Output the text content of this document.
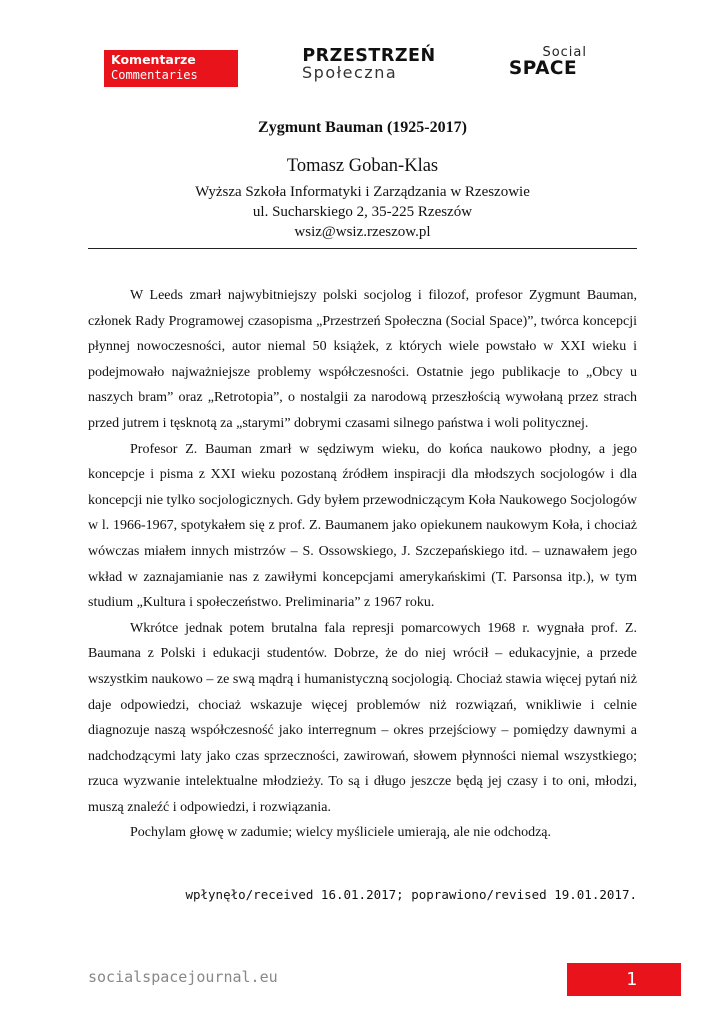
Komentarze
Commentaries
PRZESTRZEŃ
Społeczna
Social
SPACE
Zygmunt Bauman (1925-2017)
Tomasz Goban-Klas
Wyższa Szkoła Informatyki i Zarządzania w Rzeszowie
ul. Sucharskiego 2, 35-225 Rzeszów
wsiz@wsiz.rzeszow.pl

W Leeds zmarł najwybitniejszy polski socjolog i filozof, profesor Zygmunt Bauman, członek Rady Programowej czasopisma „Przestrzeń Społeczna (Social Space)”, twórca koncepcji płynnej nowoczesności, autor niemal 50 książek, z których wiele powstało w XXI wieku i podejmowało najważniejsze problemy współczesności. Ostatnie jego publikacje to „Obcy u naszych bram” oraz „Retrotopia”, o nostalgii za narodową przeszłością wywołaną przez strach przed jutrem i tęsknotą za „starymi” dobrymi czasami silnego państwa i woli politycznej.

Profesor Z. Bauman zmarł w sędziwym wieku, do końca naukowo płodny, a jego koncepcje i pisma z XXI wieku pozostaną źródłem inspiracji dla młodszych socjologów i dla koncepcji nie tylko socjologicznych. Gdy byłem przewodniczącym Koła Naukowego Socjologów w l. 1966-1967, spotykałem się z prof. Z. Baumanem jako opiekunem naukowym Koła, i chociaż wówczas miałem innych mistrzów – S. Ossowskiego, J. Szczepańskiego itd. – uznawałem jego wkład w zaznajamianie nas z zawiłymi koncepcjami amerykańskimi (T. Parsonsa itp.), w tym studium „Kultura i społeczeństwo. Preliminaria” z 1967 roku.

Wkrótce jednak potem brutalna fala represji pomarcowych 1968 r. wygnała prof. Z. Baumana z Polski i edukacji studentów. Dobrze, że do niej wrócił – edukacyjnie, a przede wszystkim naukowo – ze swą mądrą i humanistyczną socjologią. Chociaż stawia więcej pytań niż daje odpowiedzi, chociaż wskazuje więcej problemów niż rozwiązań, wnikliwie i celnie diagnozuje naszą współczesność jako interregnum – okres przejściowy – pomiędzy dawnymi a nadchodzącymi laty jako czas sprzeczności, zawirowań, słowem płynności niemal wszystkiego; rzuca wyzwanie intelektualne młodzieży. To są i długo jeszcze będą jej czasy i to oni, młodzi, muszą znaleźć i odpowiedzi, i rozwiązania.

Pochylam głowę w zadumie; wielcy myśliciele umierają, ale nie odchodzą.

wpłynęło/received 16.01.2017; poprawiono/revised 19.01.2017.
socialspacejournal.eu	1
